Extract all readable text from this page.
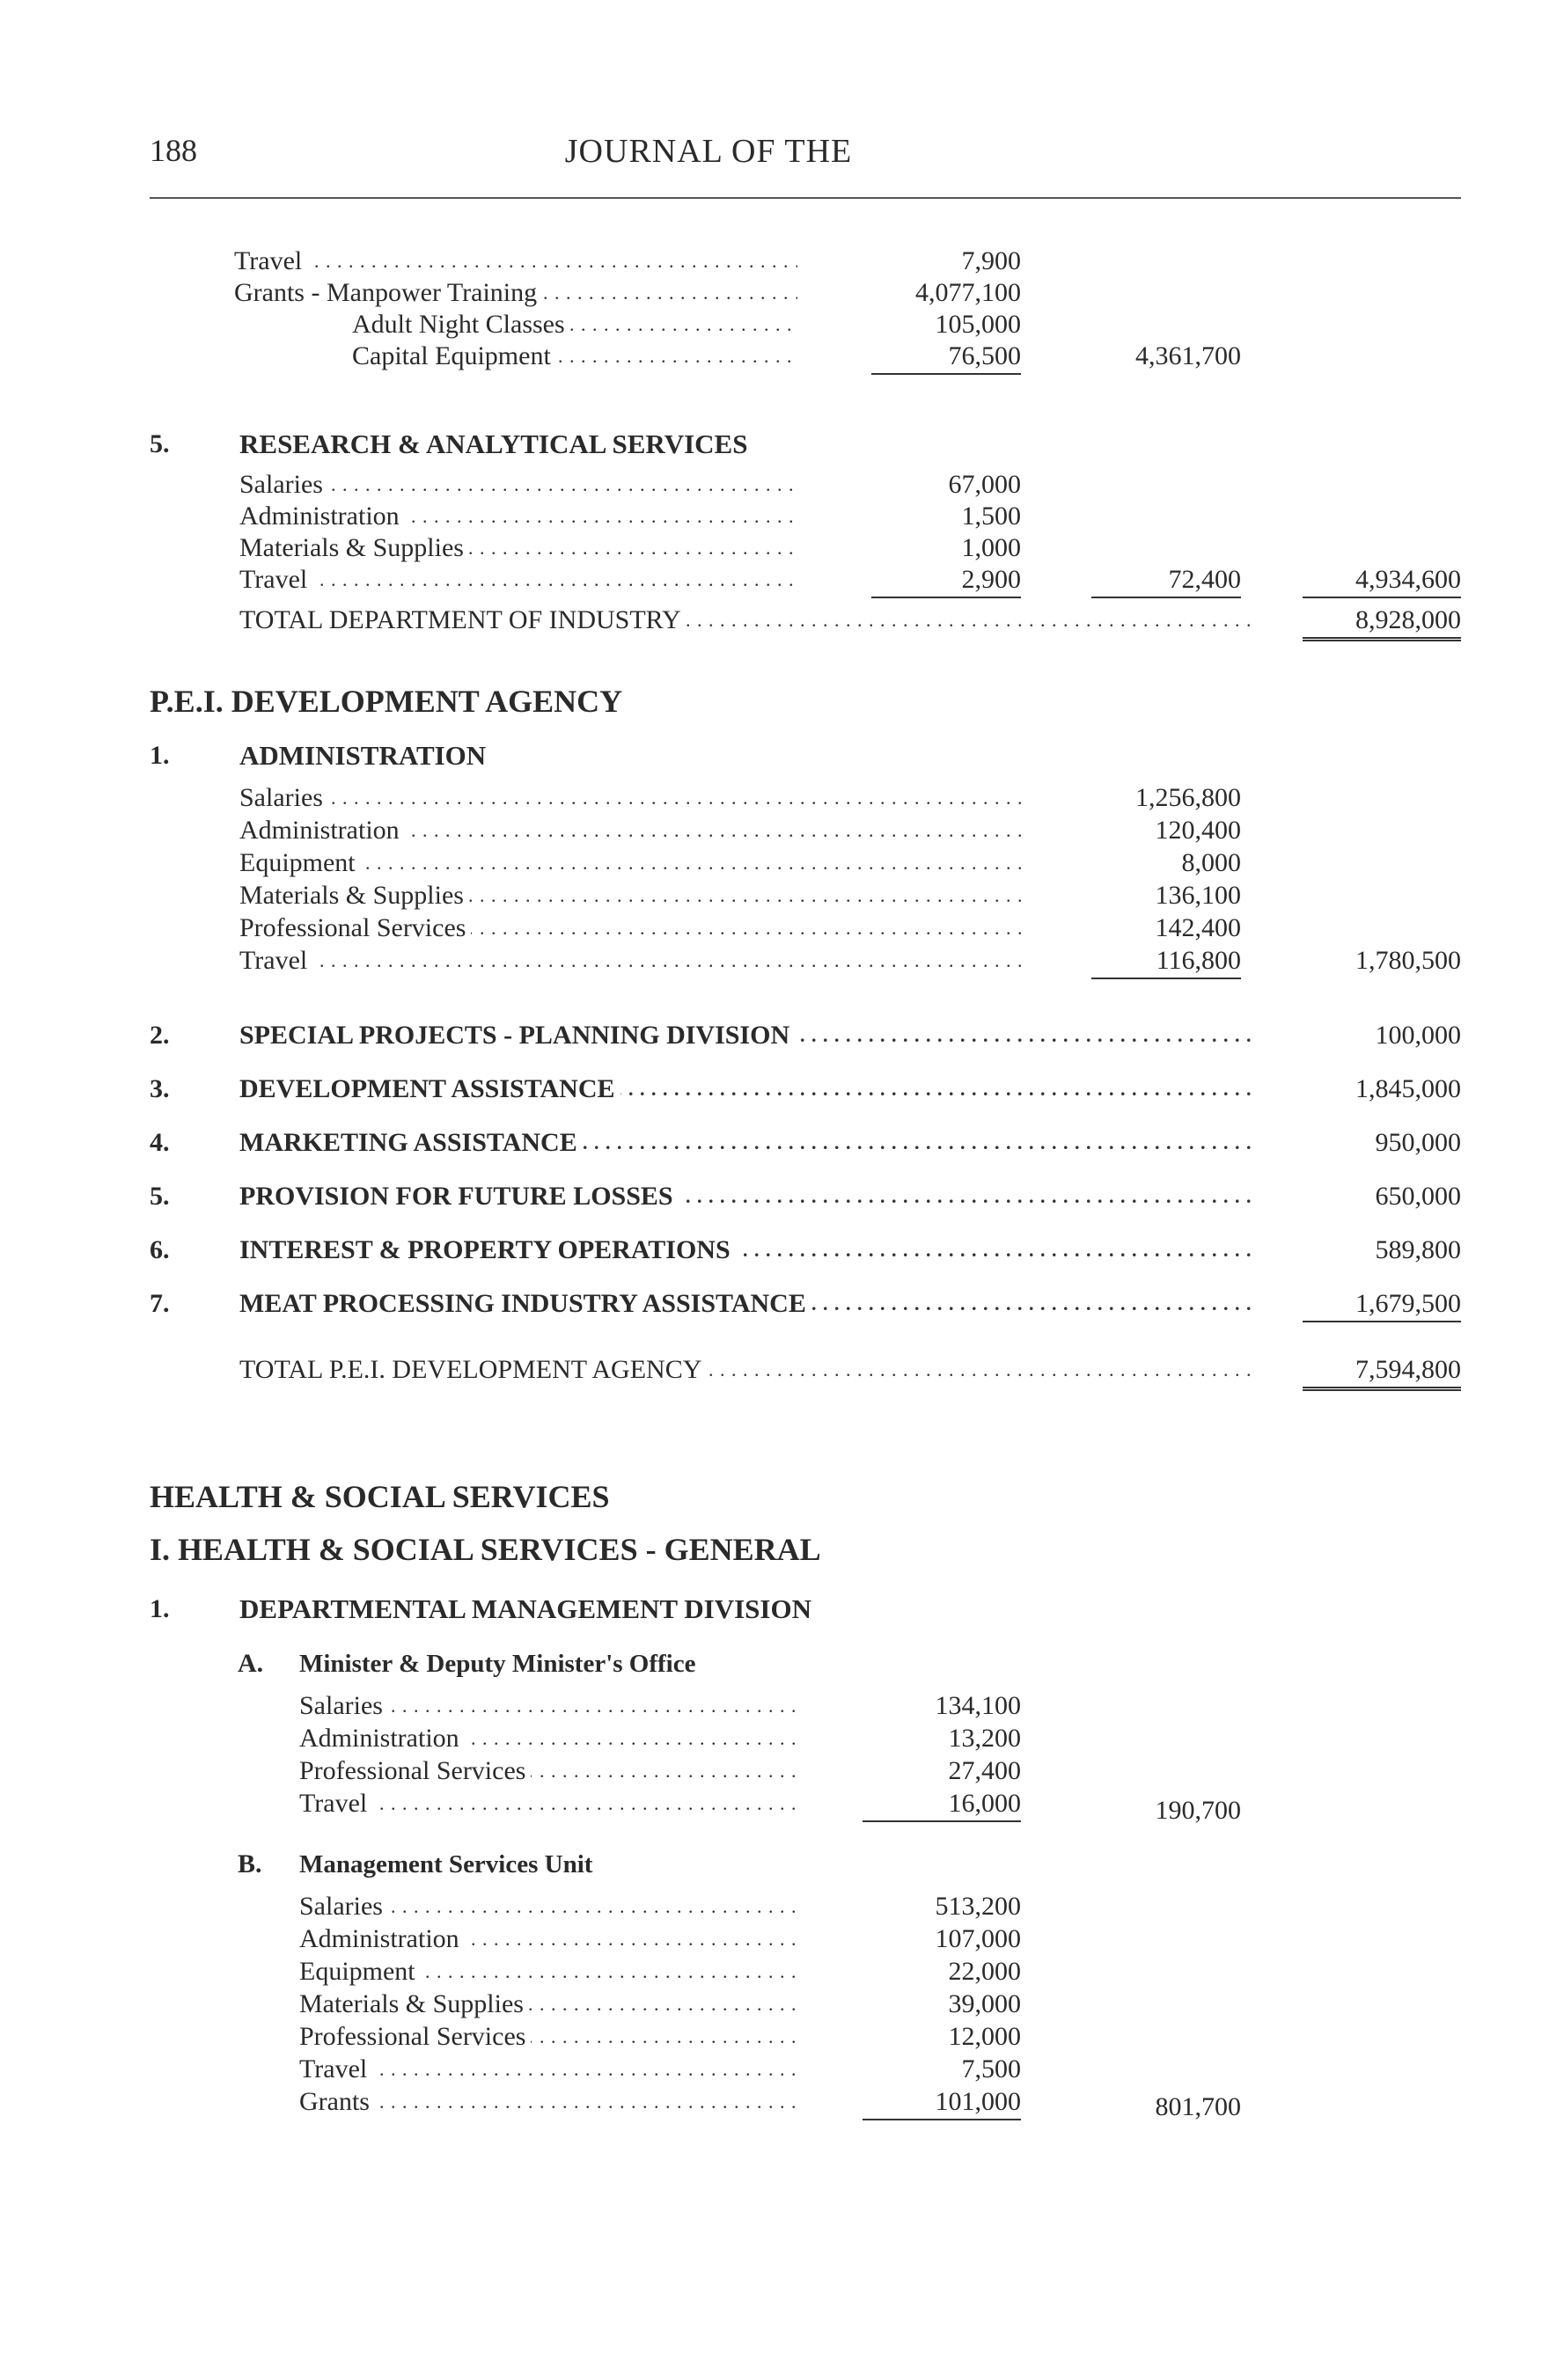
188	JOURNAL OF THE
Travel . . .	7,900
Grants - Manpower Training . . .	4,077,100
Adult Night Classes . . .	105,000
Capital Equipment . . .	76,500	4,361,700
5.	RESEARCH & ANALYTICAL SERVICES
Salaries . . .	67,000
Administration . . .	1,500
Materials & Supplies . . .	1,000
Travel . . .	2,900	72,400	4,934,600
TOTAL DEPARTMENT OF INDUSTRY . . .	8,928,000
P.E.I. DEVELOPMENT AGENCY
1.	ADMINISTRATION
Salaries . . .	1,256,800
Administration . . .	120,400
Equipment . . .	8,000
Materials & Supplies . . .	136,100
Professional Services . . .	142,400
Travel . . .	116,800	1,780,500
2.	SPECIAL PROJECTS - PLANNING DIVISION . . .	100,000
3.	DEVELOPMENT ASSISTANCE . . .	1,845,000
4.	MARKETING ASSISTANCE . . .	950,000
5.	PROVISION FOR FUTURE LOSSES . . .	650,000
6.	INTEREST & PROPERTY OPERATIONS . . .	589,800
7.	MEAT PROCESSING INDUSTRY ASSISTANCE . . .	1,679,500
TOTAL P.E.I. DEVELOPMENT AGENCY . . .	7,594,800
HEALTH & SOCIAL SERVICES
I. HEALTH & SOCIAL SERVICES - GENERAL
1.	DEPARTMENTAL MANAGEMENT DIVISION
A. Minister & Deputy Minister's Office
Salaries . . .	134,100
Administration . . .	13,200
Professional Services . . .	27,400
Travel . . .	16,000	190,700
B. Management Services Unit
Salaries . . .	513,200
Administration . . .	107,000
Equipment . . .	22,000
Materials & Supplies . . .	39,000
Professional Services . . .	12,000
Travel . . .	7,500
Grants . . .	101,000	801,700
